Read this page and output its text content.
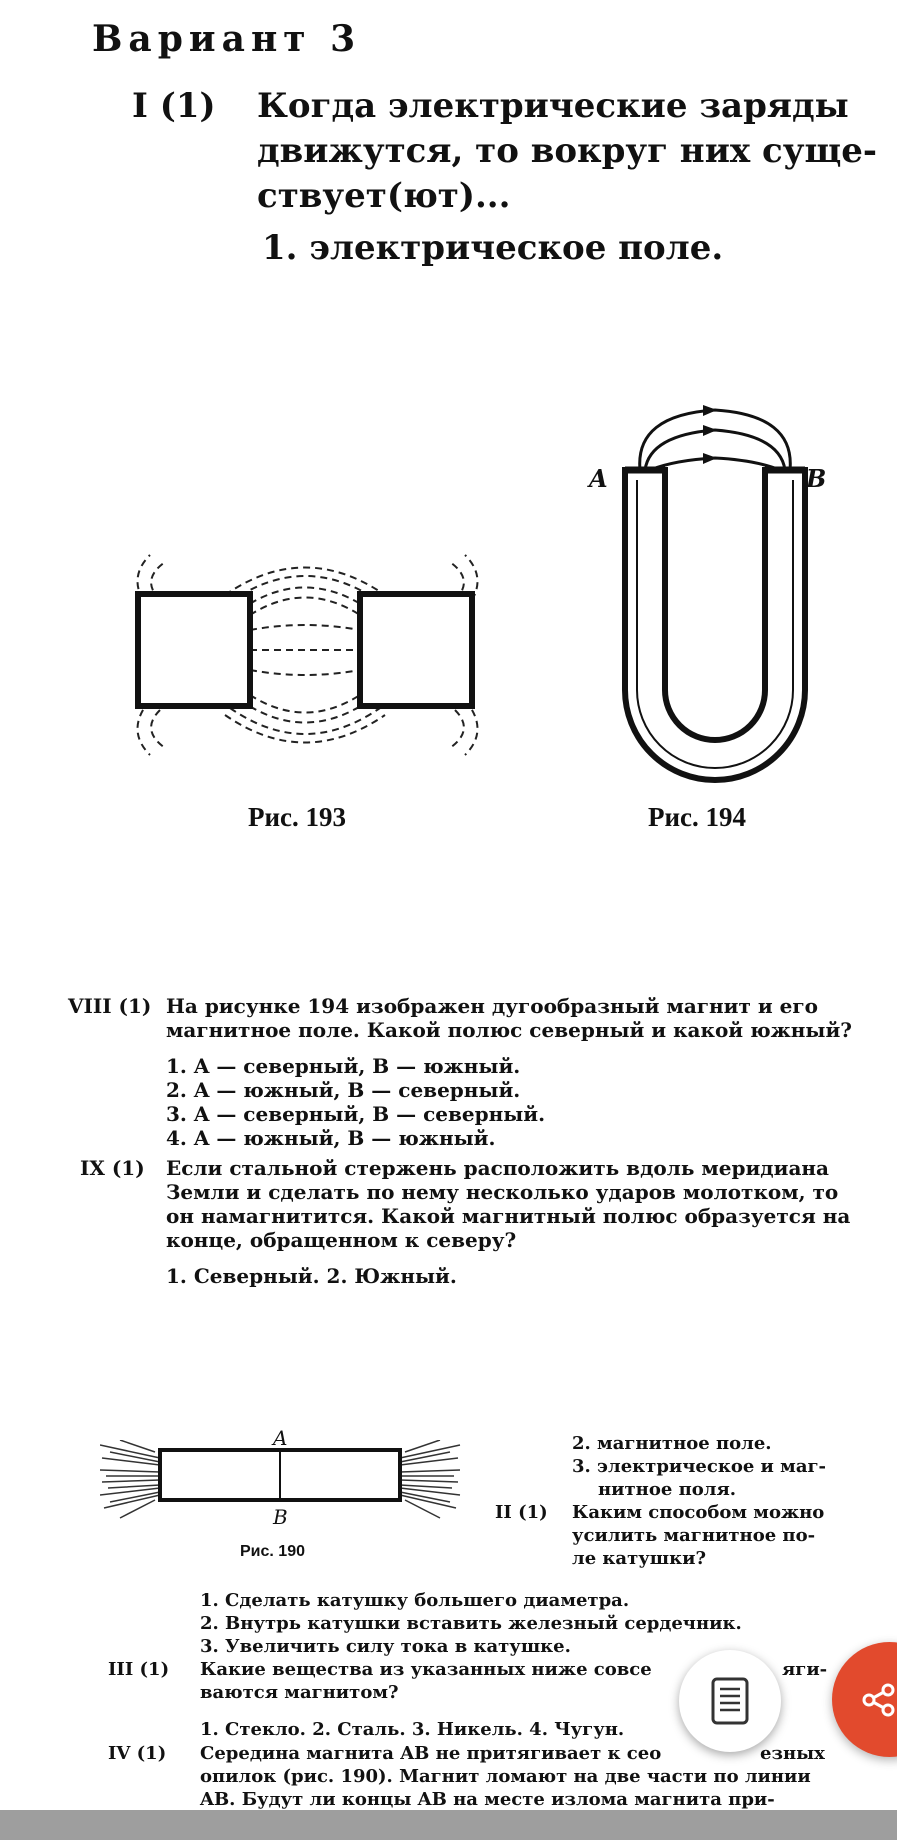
Вариант 3
I (1) Когда электрические заряды
движутся, то вокруг них суще-
ствует(ют)...
1. электрическое поле.
Рис. 193
A	B
Рис. 194
VIII (1) На рисунке 194 изображен дугообразный магнит и его
магнитное поле. Какой полюс северный и какой южный?
1. A — северный, B — южный.
2. A — южный, B — северный.
3. A — северный, B — северный.
4. A — южный, B — южный.
IX (1) Если стальной стержень расположить вдоль меридиана
Земли и сделать по нему несколько ударов молотком, то
он намагнитится. Какой магнитный полюс образуется на
конце, обращенном к северу?
1. Северный. 2. Южный.
A
B
Рис. 190
2. магнитное поле.
3. электрическое и маг-
нитное поля.
II (1) Каким способом можно
усилить магнитное по-
ле катушки?
1. Сделать катушку большего диаметра.
2. Внутрь катушки вставить железный сердечник.
3. Увеличить силу тока в катушке.
III (1) Какие вещества из указанных ниже совсе	яги-
ваются магнитом?
1. Стекло. 2. Сталь. 3. Никель. 4. Чугун.
IV (1) Середина магнита AB не притягивает к сео	езных
опилок (рис. 190). Магнит ломают на две части по линии
AB. Будут ли концы AB на месте излома магнита при-
